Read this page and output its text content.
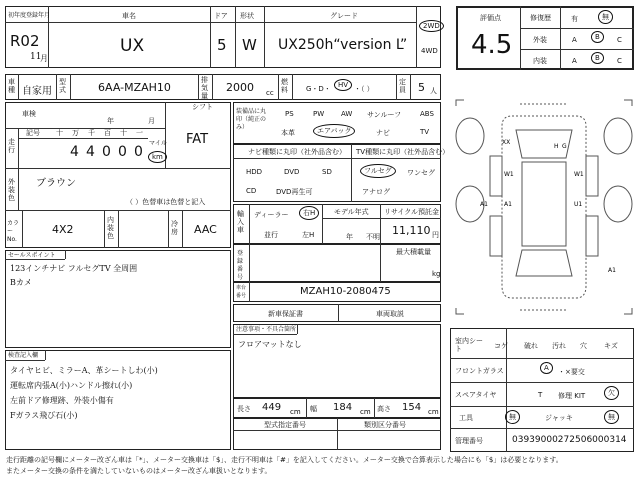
初年度登録年月
R02
11
月
車名
UX
ドア
5
形状
W
グレード
UX250h“version L”
2WD
4WD
評価点
4.5
修復歴	有	無
外装	A	B	C
内装	A	B	C
車種 自家用
型式	6AA-MZAH10
排気量
2000 cc
燃料	G・D・	HV ・（ ）
定員 5 人
車検
年	月
シフト
FAT
走行
記号 十 万 千 百 十 一
4 4 0 0 0
マイル
km
外装色
ブラウン
（ ）色替車は色替と記入
カラーNo.
4X2
内装色
冷房 AAC
装備品に丸印（純正のみ）
PS	PW AW サンルーフ	ABS
本革	エアバック	ナビ	TV
ナビ種類に丸印（社外品含む）
HDD	DVD	SD
CD	DVD再生可
TV種類に丸印（社外品含む）
フルセグ	ワンセグ
アナログ
輸入車
ディーラー	右H
並行	左H
モデル年式
年 不明
リサイクル預託金
11,110 円
登録番号
最大積載量
kg
車台番号	MZAH10-2080475
新車保証書	車両取説
セールスポイント
123インチナビ フルセグTV 全周囲
Bカメ
検査記入欄
タイヤヒビ、ミラーA、革シートしわ(小)
運転席内張A(小)ハンドル擦れ(小)
左前ドア修理跡、外装小傷有
Fガラス飛び石(小)
注意事項・不具合箇所
フロアマットなし
長さ 449 cm 幅 184 cm 高さ 154 cm
型式指定番号	類別区分番号
XX
W1	W1
A1	A1
A1
U1
H G
室内シート	コゲ 破れ 汚れ 穴 キズ
フロントガラス	A	・×要交
スペアタイヤ	T 修理 KIT	欠
工具	無	ジャッキ	無
管理番号	0393900027250600031​4
走行距離の記号欄にメーター改ざん車は「*」、メーター交換車は「$」、走行不明車は「#」を記入してください。メーター交換で合算表示した場合にも「$」は必要となります。
またメーター交換の条件を満たしていないものはメーター改ざん車扱いとなります。
